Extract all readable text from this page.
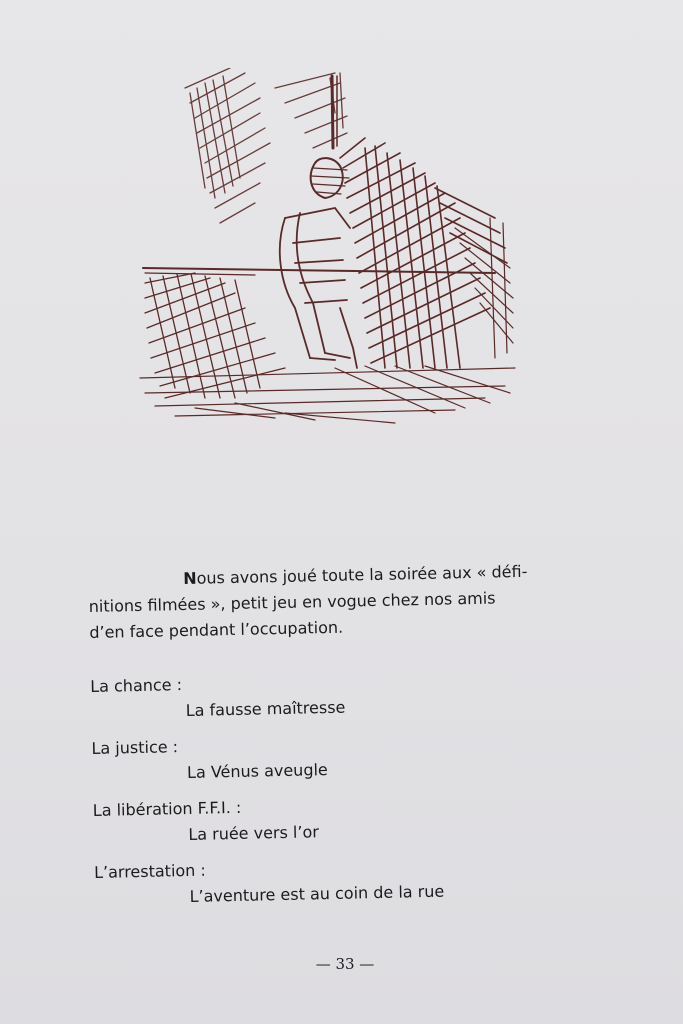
Nous avons joué toute la soirée aux « défi-

nitions filmées », petit jeu en vogue chez nos amis

d’en face pendant l’occupation.

La chance :
La fausse maîtresse
La justice :
La Vénus aveugle
La libération F.F.I. :
La ruée vers l’or
L’arrestation :
L’aventure est au coin de la rue
— 33 —
